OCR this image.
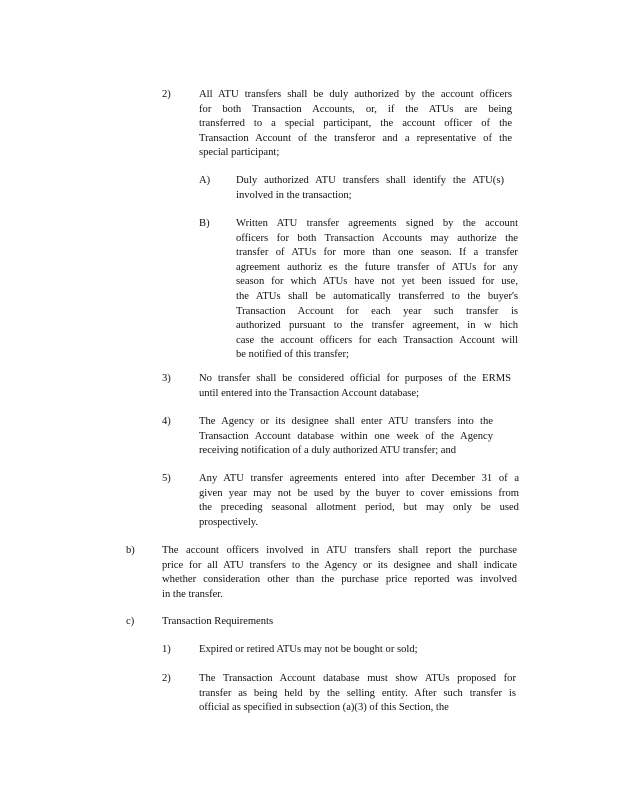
2)	All ATU transfers shall be duly authorized by the account officers
for both Transaction Accounts, or, if the ATUs are being
transferred to a special participant, the account officer of the
Transaction Account of the transferor and a representative of the
special participant;
A) Duly authorized ATU transfers shall identify the ATU(s)
involved in the transaction;
B) Written ATU transfer agreements signed by the account
officers for both Transaction Accounts may authorize the
transfer of ATUs for more than one season. If a transfer
agreement authoriz es the future transfer of ATUs for any
season for which ATUs have not yet been issued for use,
the ATUs shall be automatically transferred to the buyer's
Transaction Account for each year such transfer is
authorized pursuant to the transfer agreement, in w hich
case the account officers for each Transaction Account will
be notified of this transfer;
3)	No transfer shall be considered official for purposes of the ERMS
until entered into the Transaction Account database;
4)	The Agency or its designee shall enter ATU transfers into the
Transaction Account database within one week of the Agency
receiving notification of a duly authorized ATU transfer; and
5)	Any ATU transfer agreements entered into after December 31 of a
given year may not be used by the buyer to cover emissions from
the preceding seasonal allotment period, but may only be used
prospectively.
b)	The account officers involved in ATU transfers shall report the purchase
price for all ATU transfers to the Agency or its designee and shall indicate
whether consideration other than the purchase price reported was involved
in the transfer.
c)	Transaction Requirements
1)	Expired or retired ATUs may not be bought or sold;
2)	The Transaction Account database must show ATUs proposed for
transfer as being held by the selling entity. After such transfer is
official as specified in subsection (a)(3) of this Section, the
